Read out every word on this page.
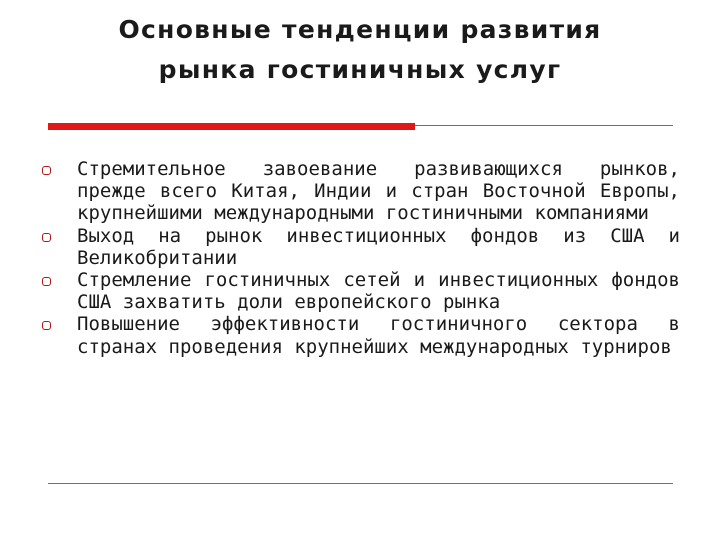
Основные тенденции развития
рынка гостиничных услуг
Стремительное завоевание развивающихся рынков, прежде всего Китая, Индии и стран Восточной Европы, крупнейшими международными гостиничными компаниями
Выход на рынок инвестиционных фондов из США и Великобритании
Стремление гостиничных сетей и инвестиционных фондов США захватить доли европейского рынка
Повышение эффективности гостиничного сектора в странах проведения крупнейших международных турниров
